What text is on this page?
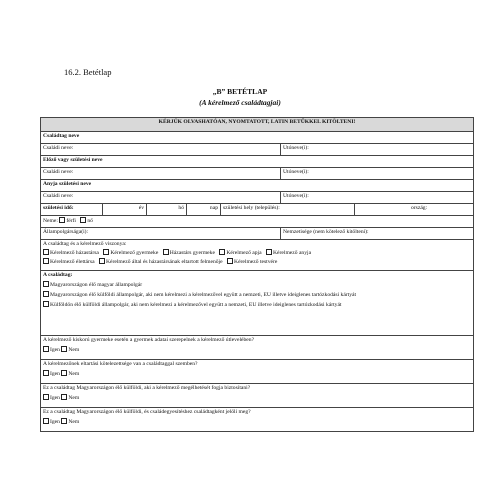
16.2. Betétlap
„B” BETÉTLAP
(A kérelmező családtagjai)
KÉRJÜK OLVASHATÓAN, NYOMTATOTT, LATIN BETŰKKEL KITÖLTENI!						
Családtag neve						
Családi neve:					Utóneve(i):	
Előző vagy születési neve						
Családi neve:					Utóneve(i):	
Anyja születési neve						
Családi neve:					Utóneve(i):	
születési idő:	év	hó	nap	születési hely (település):		ország:
Neme: férfi nő						
Állampolgársága(i):					Nemzetisége (nem kötelező kitölteni):	

A családtag és a kérelmező viszonya:
Kérelmező házastársa Kérelmező gyermeke Házastárs gyermeke Kérelmező apja Kérelmező anyja
Kérelmező élettársa Kérelmező által és házastársának eltartott felmenője Kérelmező testvére						

A családtag:
Magyarországon élő magyar állampolgár
Magyarországon élő külföldi állampolgár, aki nem kérelmezi a kérelmezővel együtt a nemzeti, EU illetve ideiglenes tartózkodási kártyát
Külföldön élő külföldi állampolgár, aki nem kérelmezi a kérelmezővel együtt a nemzeti, EU illetve ideiglenes tartózkodási kártyát						

A kérelmező kiskorú gyermeke esetén a gyermek adatai szerepelnek a kérelmező útlevelében?
Igen Nem						

A kérelmezőnek eltartási kötelezettsége van a családtaggal szemben?
Igen Nem						

Ez a családtag Magyarországon élő külföldi, aki a kérelmező megélhetését fogja biztosítani?
Igen Nem						

Ez a családtag Magyarországon élő külföldi, és családegyesítéshez családtagként jelöli meg?
Igen Nem						
